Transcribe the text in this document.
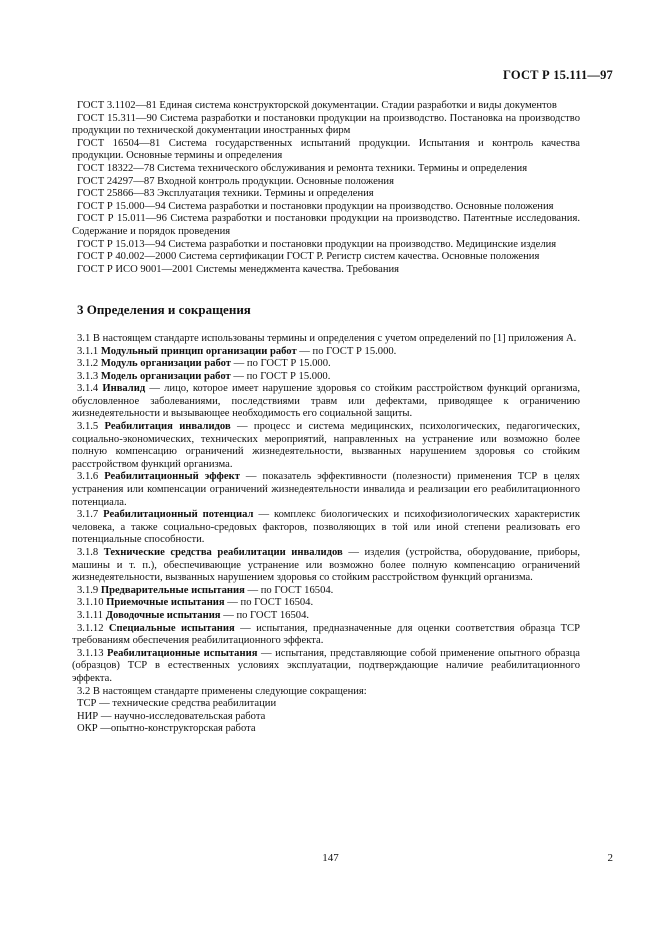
ГОСТ Р 15.111—97

ГОСТ 3.1102—81 Единая система конструкторской документации. Стадии разработки и виды документов

ГОСТ 15.311—90 Система разработки и постановки продукции на производство. Постановка на производство продукции по технической документации иностранных фирм

ГОСТ 16504—81 Система государственных испытаний продукции. Испытания и контроль качества продукции. Основные термины и определения

ГОСТ 18322—78 Система технического обслуживания и ремонта техники. Термины и определения

ГОСТ 24297—87 Входной контроль продукции. Основные положения

ГОСТ 25866—83 Эксплуатация техники. Термины и определения

ГОСТ Р 15.000—94 Система разработки и постановки продукции на производство. Основные положения

ГОСТ Р 15.011—96 Система разработки и постановки продукции на производство. Патентные исследования. Содержание и порядок проведения

ГОСТ Р 15.013—94 Система разработки и постановки продукции на производство. Медицинские изделия

ГОСТ Р 40.002—2000 Система сертификации ГОСТ Р. Регистр систем качества. Основные положения

ГОСТ Р ИСО 9001—2001 Системы менеджмента качества. Требования

3 Определения и сокращения

3.1 В настоящем стандарте использованы термины и определения с учетом определений по [1] приложения А.

3.1.1 Модульный принцип организации работ — по ГОСТ Р 15.000.

3.1.2 Модуль организации работ — по ГОСТ Р 15.000.

3.1.3 Модель организации работ — по ГОСТ Р 15.000.

3.1.4 Инвалид — лицо, которое имеет нарушение здоровья со стойким расстройством функций организма, обусловленное заболеваниями, последствиями травм или дефектами, приводящее к ограничению жизнедеятельности и вызывающее необходимость его социальной защиты.

3.1.5 Реабилитация инвалидов — процесс и система медицинских, психологических, педагогических, социально-экономических, технических мероприятий, направленных на устранение или возможно более полную компенсацию ограничений жизнедеятельности, вызванных нарушением здоровья со стойким расстройством функций организма.

3.1.6 Реабилитационный эффект — показатель эффективности (полезности) применения ТСР в целях устранения или компенсации ограничений жизнедеятельности инвалида и реализации его реабилитационного потенциала.

3.1.7 Реабилитационный потенциал — комплекс биологических и психофизиологических характеристик человека, а также социально-средовых факторов, позволяющих в той или иной степени реализовать его потенциальные способности.

3.1.8 Технические средства реабилитации инвалидов — изделия (устройства, оборудование, приборы, машины и т. п.), обеспечивающие устранение или возможно более полную компенсацию ограничений жизнедеятельности, вызванных нарушением здоровья со стойким расстройством функций организма.

3.1.9 Предварительные испытания — по ГОСТ 16504.

3.1.10 Приемочные испытания — по ГОСТ 16504.

3.1.11 Доводочные испытания — по ГОСТ 16504.

3.1.12 Специальные испытания — испытания, предназначенные для оценки соответствия образца ТСР требованиям обеспечения реабилитационного эффекта.

3.1.13 Реабилитационные испытания — испытания, представляющие собой применение опытного образца (образцов) ТСР в естественных условиях эксплуатации, подтверждающие наличие реабилитационного эффекта.

3.2 В настоящем стандарте применены следующие сокращения:

ТСР — технические средства реабилитации

НИР — научно-исследовательская работа

ОКР —опытно-конструкторская работа

147	2
